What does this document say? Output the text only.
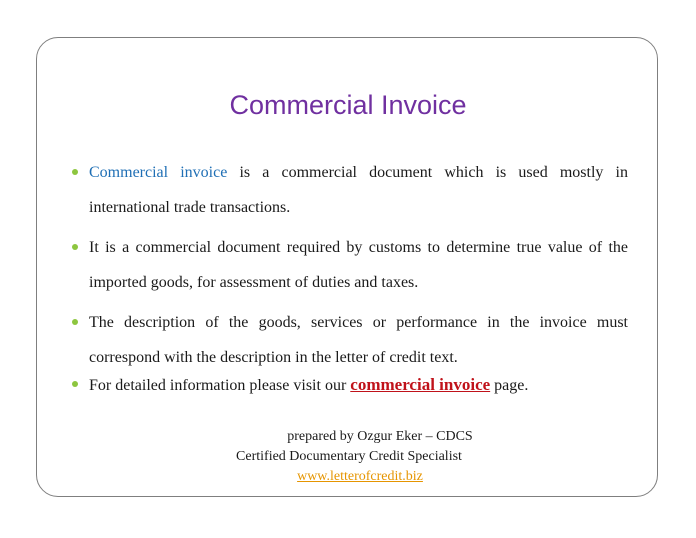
Commercial Invoice
Commercial invoice is a commercial document which is used mostly in international trade transactions.
It is a commercial document required by customs to determine true value of the imported goods, for assessment of duties and taxes.
The description of the goods, services or performance in the invoice must correspond with the description in the letter of credit text.
For detailed information please visit our commercial invoice page.
prepared by Ozgur Eker – CDCS
Certified Documentary Credit Specialist
www.letterofcredit.biz
